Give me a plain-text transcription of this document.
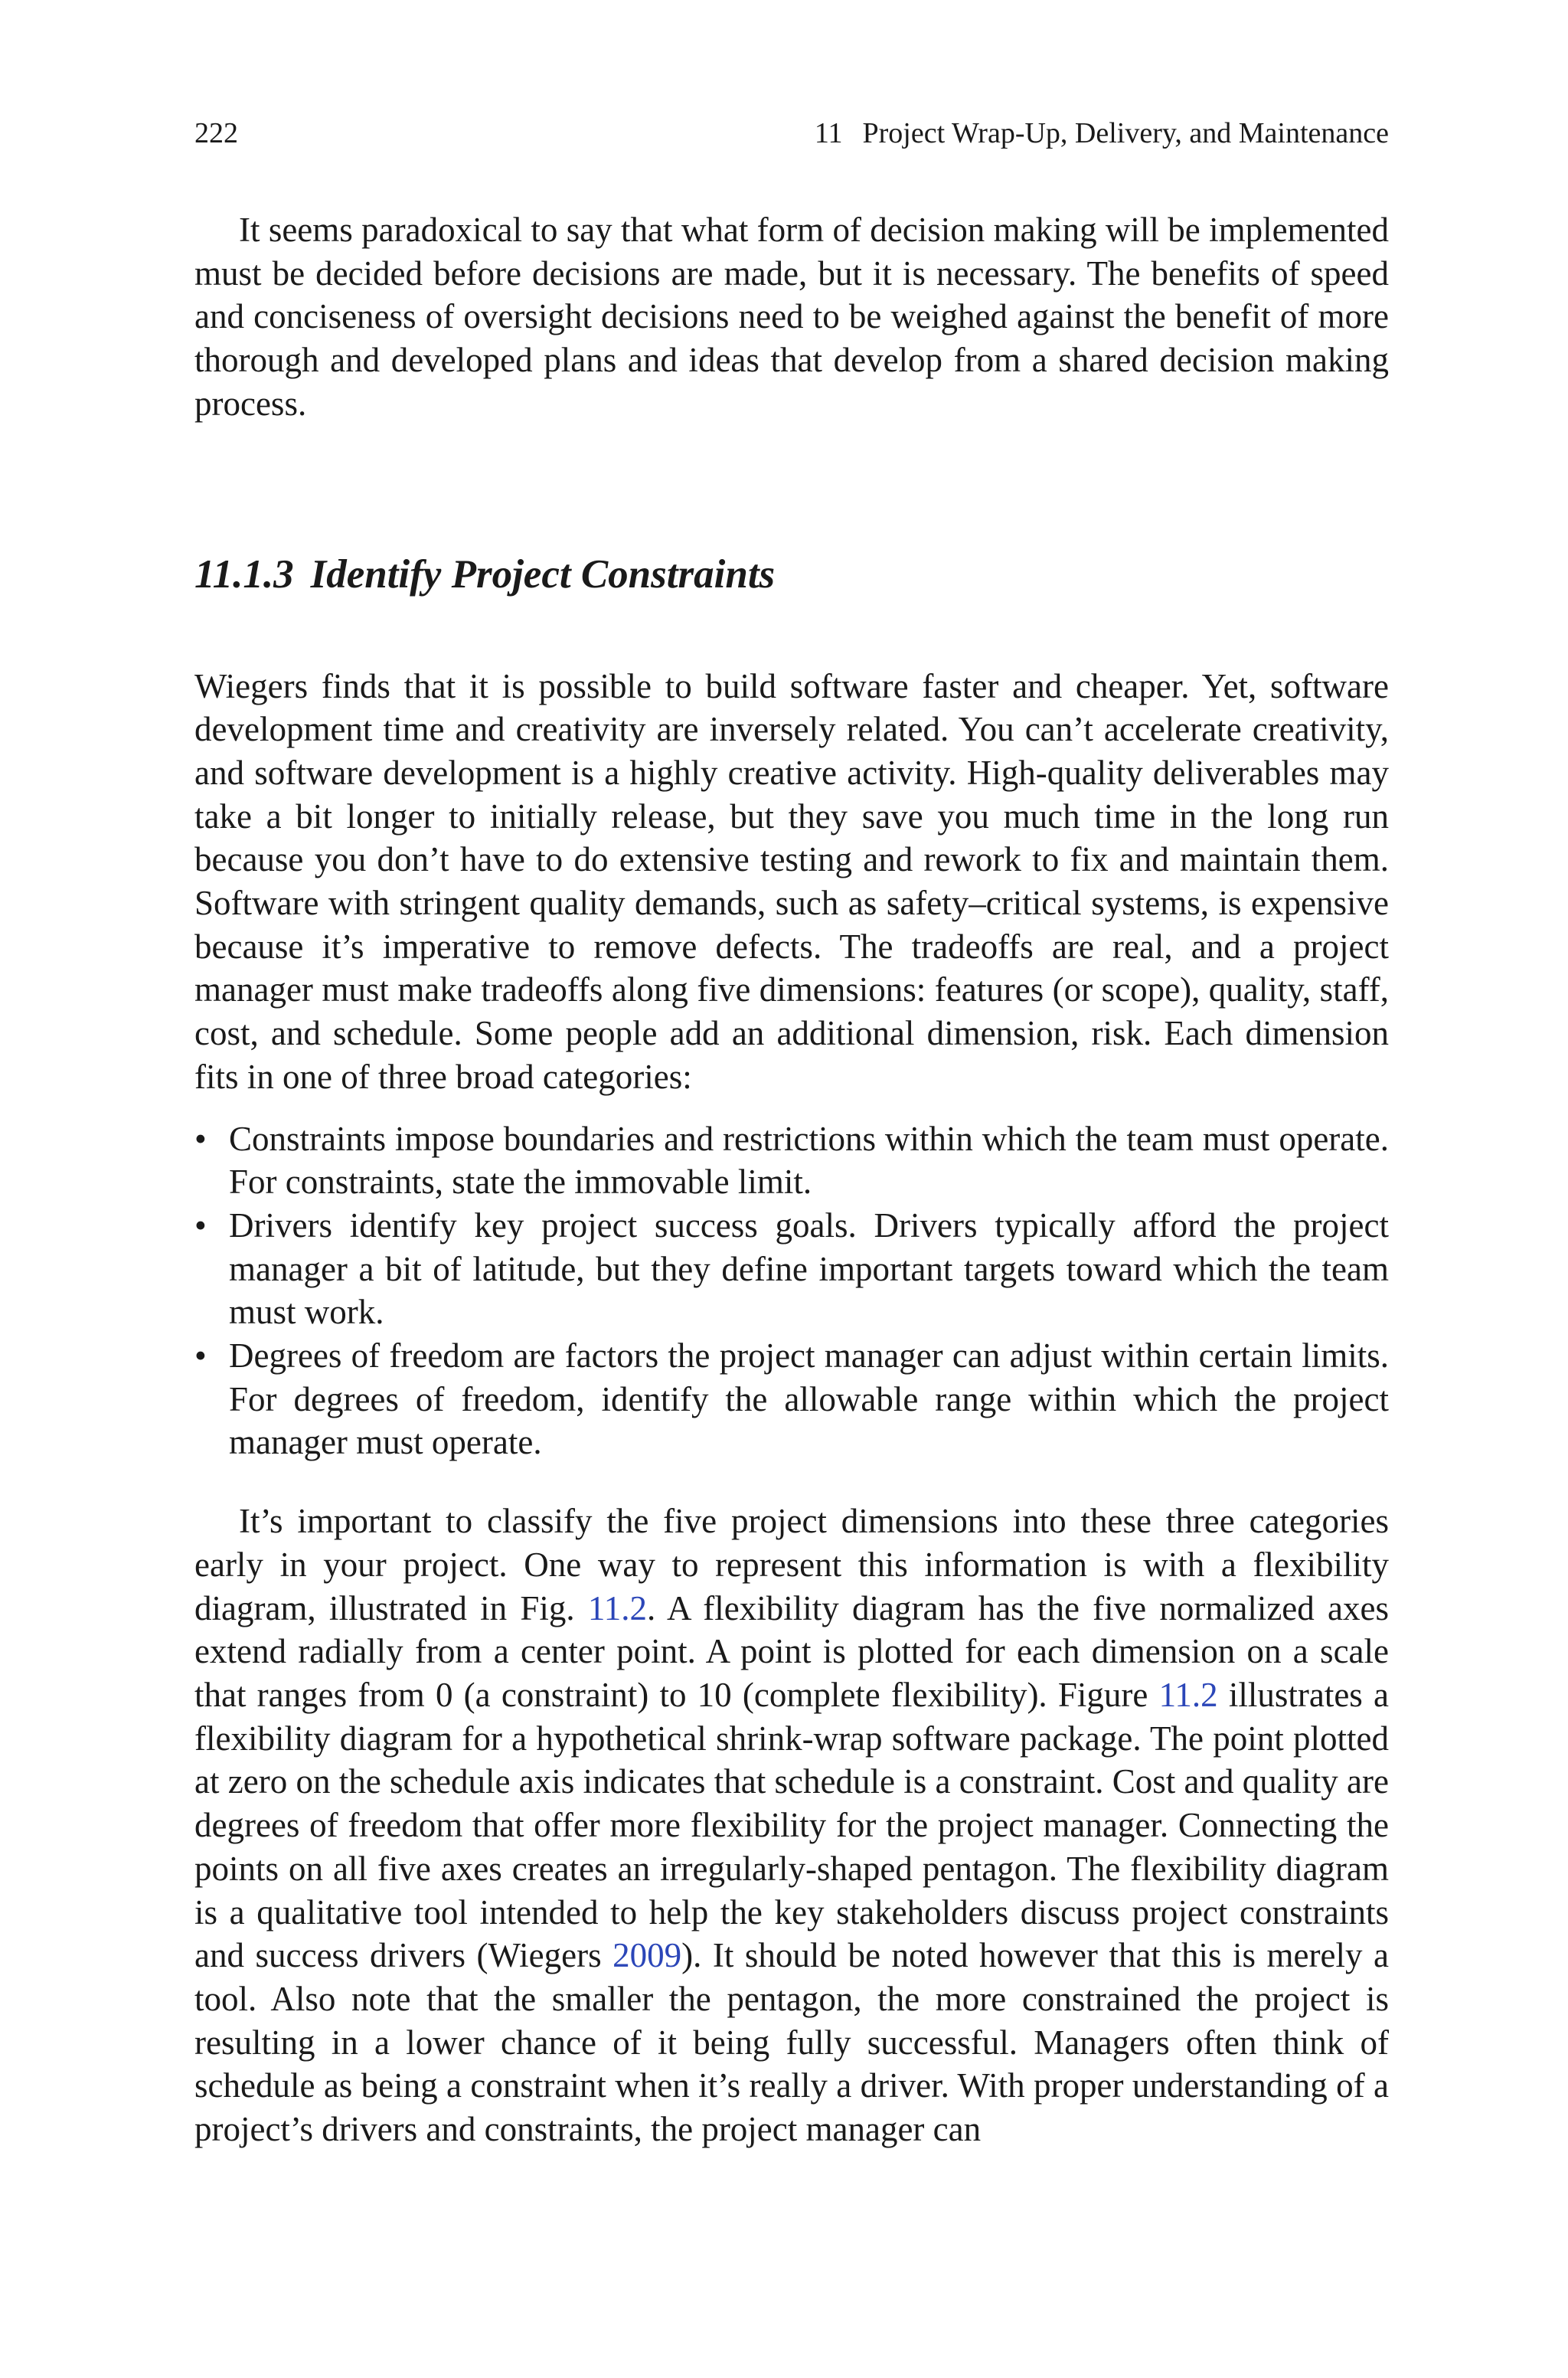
222	11 Project Wrap-Up, Delivery, and Maintenance

It seems paradoxical to say that what form of decision making will be implemented must be decided before decisions are made, but it is necessary. The benefits of speed and conciseness of oversight decisions need to be weighed against the benefit of more thorough and developed plans and ideas that develop from a shared decision making process.

11.1.3 Identify Project Constraints

Wiegers finds that it is possible to build software faster and cheaper. Yet, software development time and creativity are inversely related. You can’t accelerate creativity, and software development is a highly creative activity. High-quality deliverables may take a bit longer to initially release, but they save you much time in the long run because you don’t have to do extensive testing and rework to fix and maintain them. Software with stringent quality demands, such as safety–critical systems, is expensive because it’s imperative to remove defects. The tradeoffs are real, and a project manager must make tradeoffs along five dimensions: features (or scope), quality, staff, cost, and schedule. Some people add an additional dimension, risk. Each dimension fits in one of three broad categories:

• Constraints impose boundaries and restrictions within which the team must operate. For constraints, state the immovable limit.
• Drivers identify key project success goals. Drivers typically afford the project manager a bit of latitude, but they define important targets toward which the team must work.
• Degrees of freedom are factors the project manager can adjust within certain limits. For degrees of freedom, identify the allowable range within which the project manager must operate.

It’s important to classify the five project dimensions into these three categories early in your project. One way to represent this information is with a flexibility diagram, illustrated in Fig. 11.2. A flexibility diagram has the five normalized axes extend radially from a center point. A point is plotted for each dimension on a scale that ranges from 0 (a constraint) to 10 (complete flexibility). Figure 11.2 illustrates a flexibility diagram for a hypothetical shrink-wrap software package. The point plotted at zero on the schedule axis indicates that schedule is a constraint. Cost and quality are degrees of freedom that offer more flexibility for the project manager. Connecting the points on all five axes creates an irregularly-shaped pentagon. The flexibility diagram is a qualitative tool intended to help the key stakeholders discuss project constraints and success drivers (Wiegers 2009). It should be noted however that this is merely a tool. Also note that the smaller the pentagon, the more constrained the project is resulting in a lower chance of it being fully successful. Managers often think of schedule as being a constraint when it’s really a driver. With proper understanding of a project’s drivers and constraints, the project manager can
